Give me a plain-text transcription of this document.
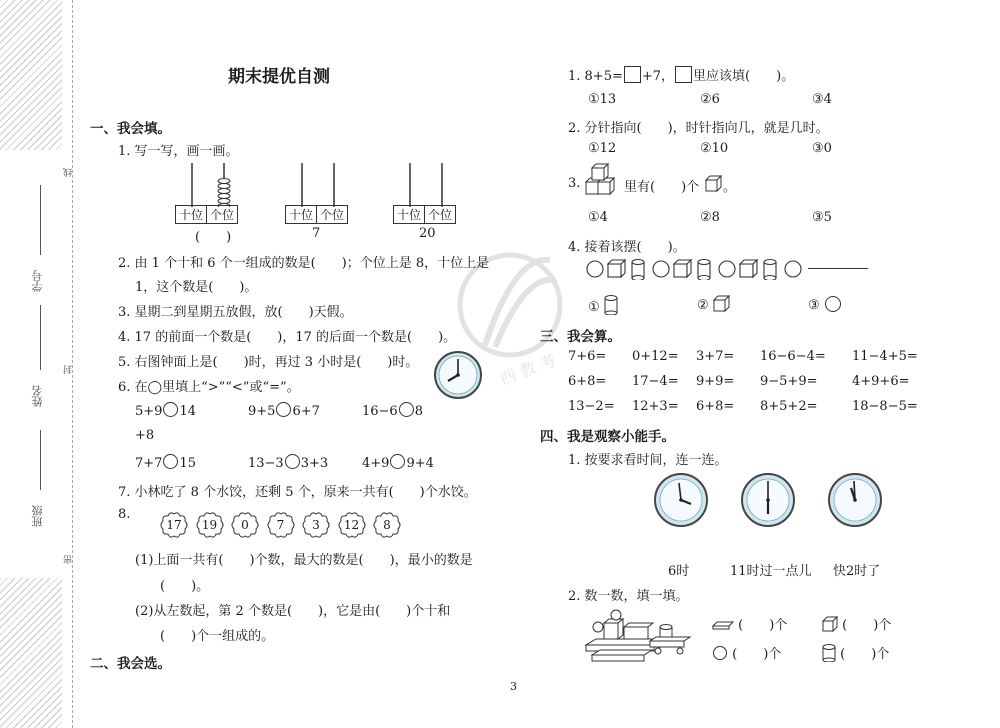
班级
姓名
学号
密
封
线
西 教 考
期末提优自测
一、我会填。
1. 写一写，画一画。
十位	个位
(　　)
十位	个位
7
十位	个位
20
2. 由 1 个十和 6 个一组成的数是(　　)；个位上是 8，十位上是
1，这个数是(　　)。
3. 星期二到星期五放假，放(　　)天假。
4. 17 的前面一个数是(　　)，17 的后面一个数是(　　)。
5. 右图钟面上是(　　)时，再过 3 小时是(　　)时。
6. 在◯里填上“>”“<”或“=”。
5+9 14	9+5 6+7	16−6 8
+8
7+7 15	13−3 3+3	4+9 9+4
7. 小林吃了 8 个水饺，还剩 5 个，原来一共有(　　)个水饺。
8.
17	19	0	7	3	12	8
(1)上面一共有(　　)个数，最大的数是(　　)，最小的数是
(　　)。
(2)从左数起，第 2 个数是(　　)，它是由(　　)个十和
(　　)个一组成的。
二、我会选。
3
1. 8+5= +7， 里应该填(　　)。
①13	②6	③4
2. 分针指向(　　)，时针指向几，就是几时。
①12	②10	③0
3.	里有(　　)个 。
①4	②8	③5
4. 接着该摆(　　)。
①	②	③
三、我会算。
7+6= 0+12= 3+7= 16−6−4= 11−4+5=
6+8= 17−4= 9+9= 9−5+9=	4+9+6=
13−2= 12+3= 6+8= 8+5+2=	18−8−5=
四、我是观察小能手。
1. 按要求看时间，连一连。
6时	11时过一点儿 快2时了
2. 数一数，填一填。
(　　)个	(　　)个
(　　)个	(　　)个
